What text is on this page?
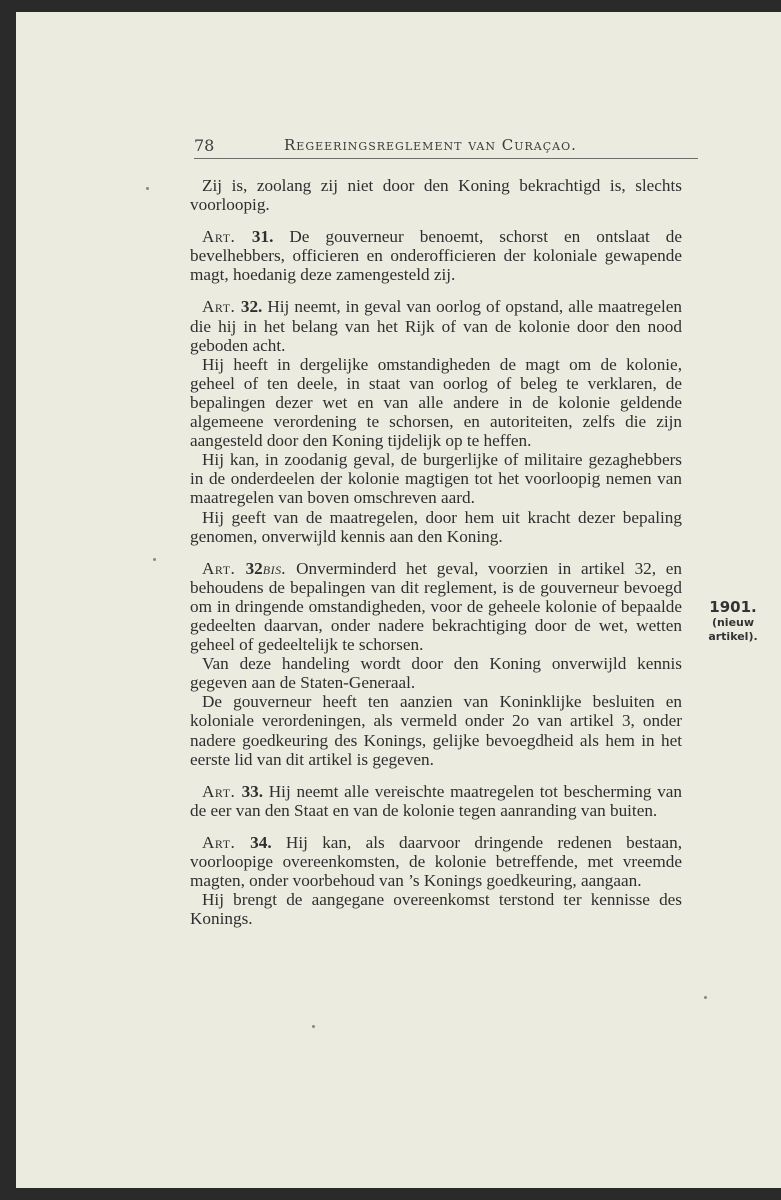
78	Regeeringsreglement van Curaçao.

Zij is, zoolang zij niet door den Koning bekrachtigd is, slechts voorloopig.

Art. 31. De gouverneur benoemt, schorst en ontslaat de bevelhebbers, officieren en onderofficieren der koloniale gewapende magt, hoedanig deze zamengesteld zij.

Art. 32. Hij neemt, in geval van oorlog of opstand, alle maatregelen die hij in het belang van het Rijk of van de kolonie door den nood geboden acht.

Hij heeft in dergelijke omstandigheden de magt om de kolonie, geheel of ten deele, in staat van oorlog of beleg te verklaren, de bepalingen dezer wet en van alle andere in de kolonie geldende algemeene verordening te schorsen, en autoriteiten, zelfs die zijn aangesteld door den Koning tijdelijk op te heffen.

Hij kan, in zoodanig geval, de burgerlijke of militaire gezaghebbers in de onderdeelen der kolonie magtigen tot het voorloopig nemen van maatregelen van boven omschreven aard.

Hij geeft van de maatregelen, door hem uit kracht dezer bepaling genomen, onverwijld kennis aan den Koning.

Art. 32bis. Onverminderd het geval, voorzien in artikel 32, en behoudens de bepalingen van dit reglement, is de gouverneur bevoegd om in dringende omstandigheden, voor de geheele kolonie of bepaalde gedeelten daarvan, onder nadere bekrachtiging door de wet, wetten geheel of gedeeltelijk te schorsen.

Van deze handeling wordt door den Koning onverwijld kennis gegeven aan de Staten-Generaal.

De gouverneur heeft ten aanzien van Koninklijke besluiten en koloniale verordeningen, als vermeld onder 2o van artikel 3, onder nadere goedkeuring des Konings, gelijke bevoegdheid als hem in het eerste lid van dit artikel is gegeven.

Art. 33. Hij neemt alle vereischte maatregelen tot bescherming van de eer van den Staat en van de kolonie tegen aanranding van buiten.

Art. 34. Hij kan, als daarvoor dringende redenen bestaan, voorloopige overeenkomsten, de kolonie betreffende, met vreemde magten, onder voorbehoud van ’s Konings goedkeuring, aangaan.

Hij brengt de aangegane overeenkomst terstond ter kennisse des Konings.

1901.
(nieuw
artikel).
